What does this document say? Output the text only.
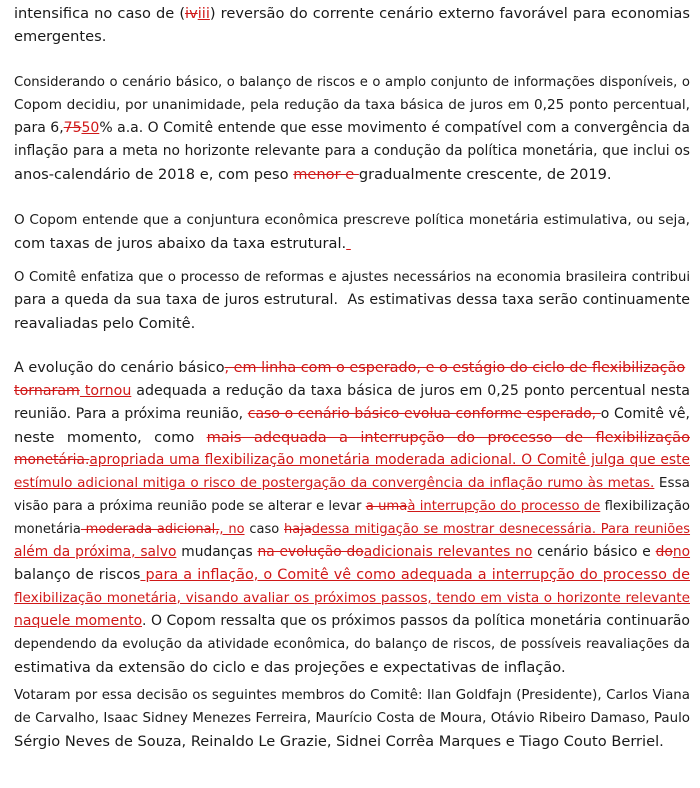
intensifica no caso de (iviii) reversão do corrente cenário externo favorável para economias
emergentes.
Considerando o cenário básico, o balanço de riscos e o amplo conjunto de informações disponíveis, o
Copom decidiu, por unanimidade, pela redução da taxa básica de juros em 0,25 ponto percentual,
para 6,7550% a.a. O Comitê entende que esse movimento é compatível com a convergência da
inflação para a meta no horizonte relevante para a condução da política monetária, que inclui os
anos-calendário de 2018 e, com peso menor e gradualmente crescente, de 2019.
O Copom entende que a conjuntura econômica prescreve política monetária estimulativa, ou seja,
com taxas de juros abaixo da taxa estrutural.
O Comitê enfatiza que o processo de reformas e ajustes necessários na economia brasileira contribui
para a queda da sua taxa de juros estrutural.  As estimativas dessa taxa serão continuamente
reavaliadas pelo Comitê.
A evolução do cenário básico, em linha com o esperado, e o estágio do ciclo de flexibilização
tornaram tornou adequada a redução da taxa básica de juros em 0,25 ponto percentual nesta
reunião. Para a próxima reunião, caso o cenário básico evolua conforme esperado, o Comitê vê,
neste momento, como mais adequada a interrupção do processo de flexibilização
monetária.apropriada uma flexibilização monetária moderada adicional. O Comitê julga que este
estímulo adicional mitiga o risco de postergação da convergência da inflação rumo às metas. Essa
visão para a próxima reunião pode se alterar e levar a umaà interrupção do processo de flexibilização
monetária moderada adicional,, no caso hajadessa mitigação se mostrar desnecessária. Para reuniões
além da próxima, salvo mudanças na evolução doadicionais relevantes no cenário básico e dono
balanço de riscos para a inflação, o Comitê vê como adequada a interrupção do processo de
flexibilização monetária, visando avaliar os próximos passos, tendo em vista o horizonte relevante
naquele momento. O Copom ressalta que os próximos passos da política monetária continuarão
dependendo da evolução da atividade econômica, do balanço de riscos, de possíveis reavaliações da
estimativa da extensão do ciclo e das projeções e expectativas de inflação.
Votaram por essa decisão os seguintes membros do Comitê: Ilan Goldfajn (Presidente), Carlos Viana
de Carvalho, Isaac Sidney Menezes Ferreira, Maurício Costa de Moura, Otávio Ribeiro Damaso, Paulo
Sérgio Neves de Souza, Reinaldo Le Grazie, Sidnei Corrêa Marques e Tiago Couto Berriel.
